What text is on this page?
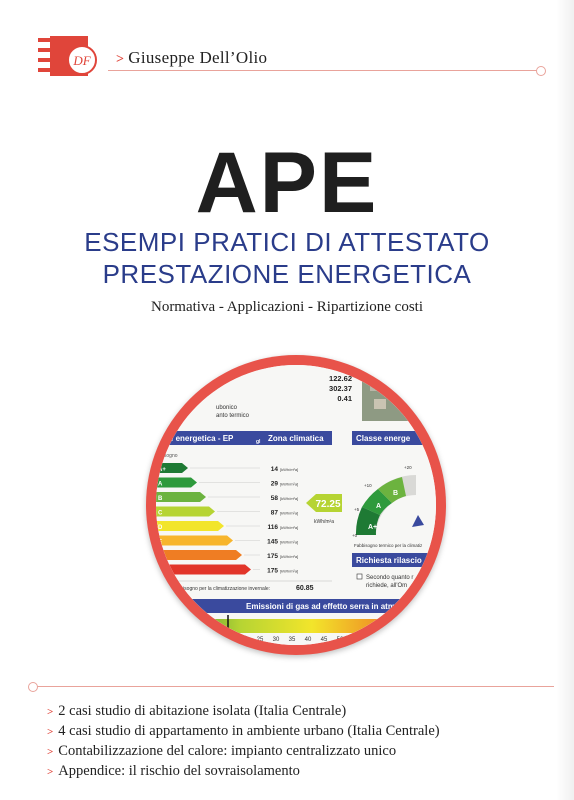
DF > Giuseppe Dell’Olio
APE
ESEMPI PRATICI DI ATTESTATO
PRESTAZIONE ENERGETICA
Normativa - Applicazioni - Ripartizione costi
122.62
302.37
0.41
ubonico
anto termico
sse energetica - EP	gl Zona climatica	Classe energe
bisogno
A+	14 [kWh/m²a]
A	29 [kWh/m²a]
B	58 [kWh/m²a]
C	87 [kWh/m²a]
D	116 [kWh/m²a]
E	145 [kWh/m²a]
F	175 [kWh/m²a]
G	175 [kWh/m²a]
72.25
kWh/m²a
le del fabbisogno per la climatizzazione invernale:	60.85
A+
A
B
+10
+5
+0
+20
Fabbisogno termico per la climatiz
Richiesta rilascio
Secondo quanto r
richiede, all'Om
Emissioni di gas ad effetto serra in atmo
20 25 30 35 40 45 50
> 2 casi studio di abitazione isolata (Italia Centrale)
> 4 casi studio di appartamento in ambiente urbano (Italia Centrale)
> Contabilizzazione del calore: impianto centralizzato unico
> Appendice: il rischio del sovraisolamento
